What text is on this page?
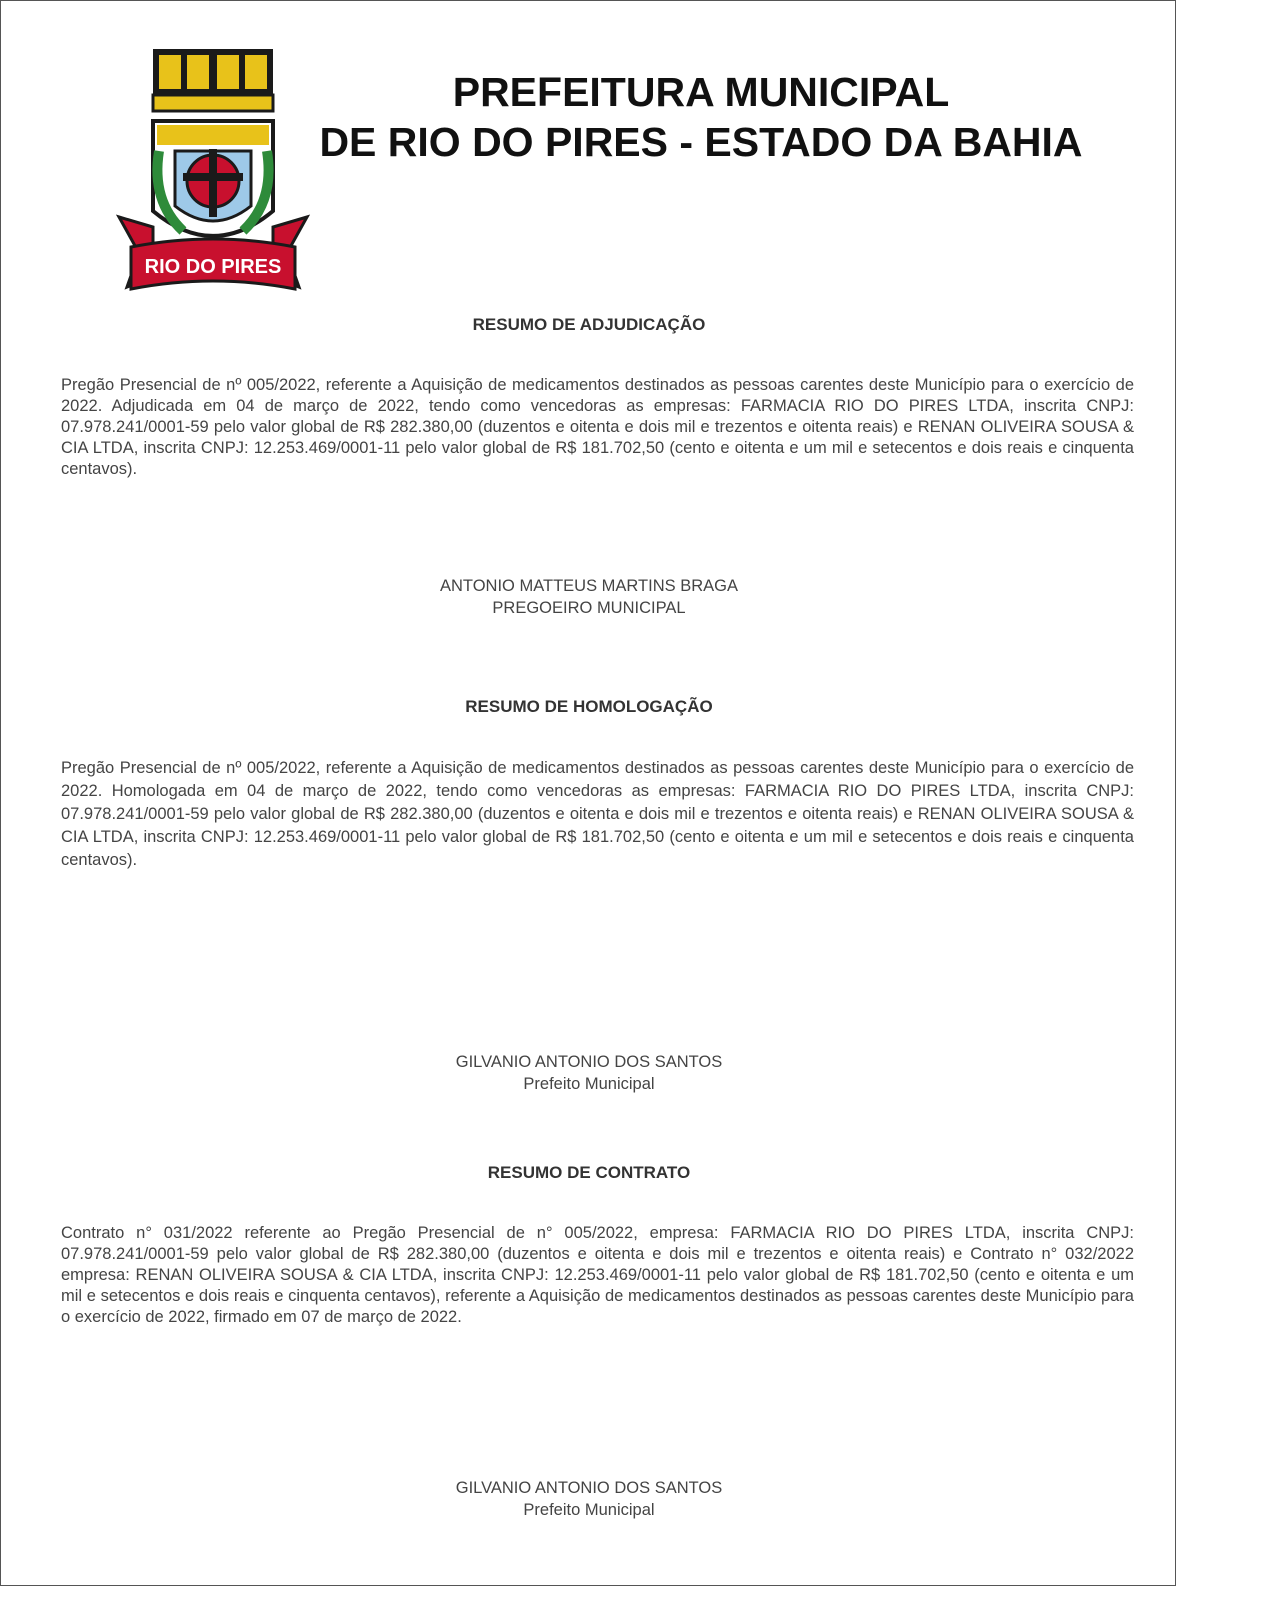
RIO DO PIRES
PREFEITURA MUNICIPAL
DE RIO DO PIRES - ESTADO DA BAHIA
RESUMO DE ADJUDICAÇÃO
Pregão Presencial de nº 005/2022, referente a Aquisição de medicamentos destinados as pessoas carentes deste Município para o exercício de 2022. Adjudicada em 04 de março de 2022, tendo como vencedoras as empresas: FARMACIA RIO DO PIRES LTDA, inscrita CNPJ: 07.978.241/0001-59 pelo valor global de R$ 282.380,00 (duzentos e oitenta e dois mil e trezentos e oitenta reais) e RENAN OLIVEIRA SOUSA & CIA LTDA, inscrita CNPJ: 12.253.469/0001-11 pelo valor global de R$ 181.702,50 (cento e oitenta e um mil e setecentos e dois reais e cinquenta centavos).
ANTONIO MATTEUS MARTINS BRAGA
PREGOEIRO MUNICIPAL
RESUMO DE HOMOLOGAÇÃO
Pregão Presencial de nº 005/2022, referente a Aquisição de medicamentos destinados as pessoas carentes deste Município para o exercício de 2022. Homologada em 04 de março de 2022, tendo como vencedoras as empresas: FARMACIA RIO DO PIRES LTDA, inscrita CNPJ: 07.978.241/0001-59 pelo valor global de R$ 282.380,00 (duzentos e oitenta e dois mil e trezentos e oitenta reais) e RENAN OLIVEIRA SOUSA & CIA LTDA, inscrita CNPJ: 12.253.469/0001-11 pelo valor global de R$ 181.702,50 (cento e oitenta e um mil e setecentos e dois reais e cinquenta centavos).
GILVANIO ANTONIO DOS SANTOS
Prefeito Municipal
RESUMO DE CONTRATO
Contrato n° 031/2022 referente ao Pregão Presencial de n° 005/2022, empresa: FARMACIA RIO DO PIRES LTDA, inscrita CNPJ: 07.978.241/0001-59 pelo valor global de R$ 282.380,00 (duzentos e oitenta e dois mil e trezentos e oitenta reais) e Contrato n° 032/2022 empresa: RENAN OLIVEIRA SOUSA & CIA LTDA, inscrita CNPJ: 12.253.469/0001-11 pelo valor global de R$ 181.702,50 (cento e oitenta e um mil e setecentos e dois reais e cinquenta centavos), referente a Aquisição de medicamentos destinados as pessoas carentes deste Município para o exercício de 2022, firmado em 07 de março de 2022.
GILVANIO ANTONIO DOS SANTOS
Prefeito Municipal
